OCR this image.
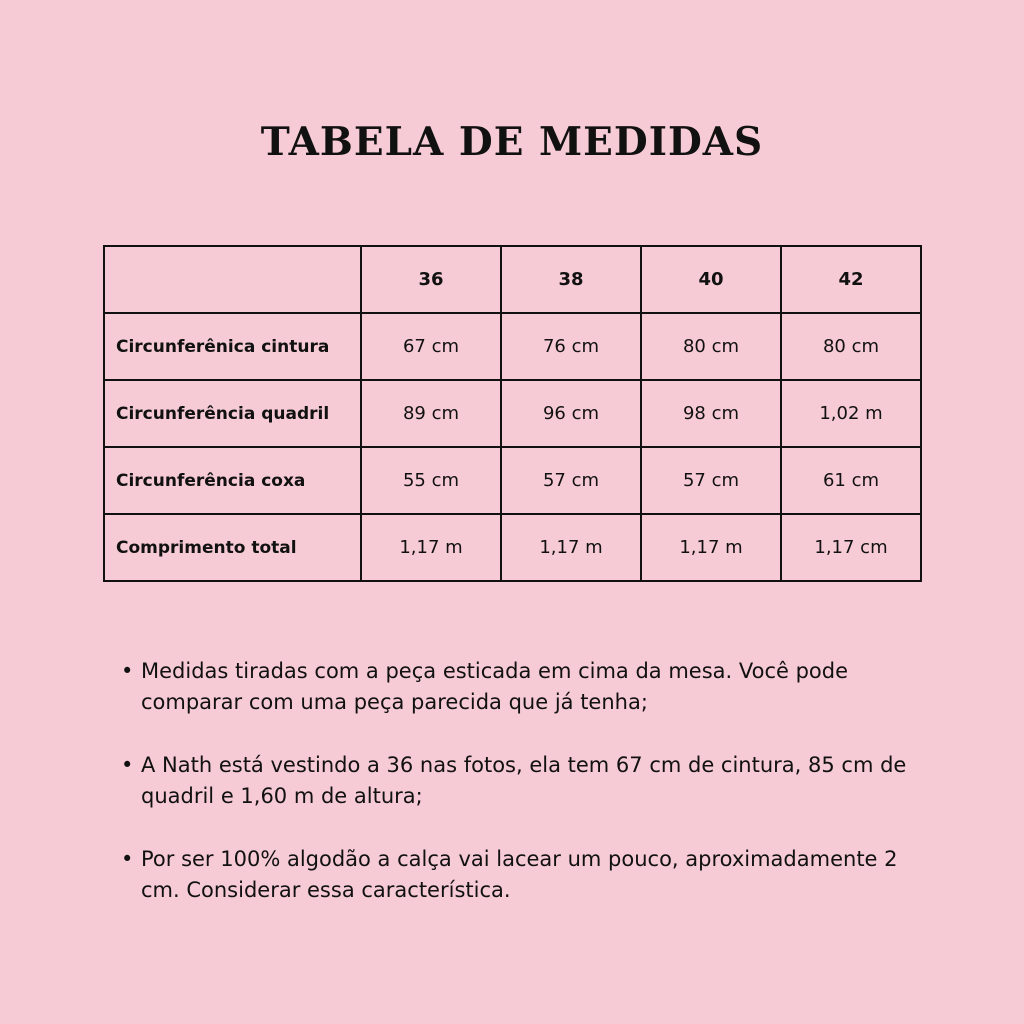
TABELA DE MEDIDAS
	36	38	40	42
Circunferênica cintura	67 cm	76 cm	80 cm	80 cm
Circunferência quadril	89 cm	96 cm	98 cm	1,02 m
Circunferência coxa	55 cm	57 cm	57 cm	61 cm
Comprimento total	1,17 m	1,17 m	1,17 m	1,17 cm
• Medidas tiradas com a peça esticada em cima da mesa. Você pode comparar com uma peça parecida que já tenha;
• A Nath está vestindo a 36 nas fotos, ela tem 67 cm de cintura, 85 cm de quadril e 1,60 m de altura;
• Por ser 100% algodão a calça vai lacear um pouco, aproximadamente 2 cm. Considerar essa característica.
